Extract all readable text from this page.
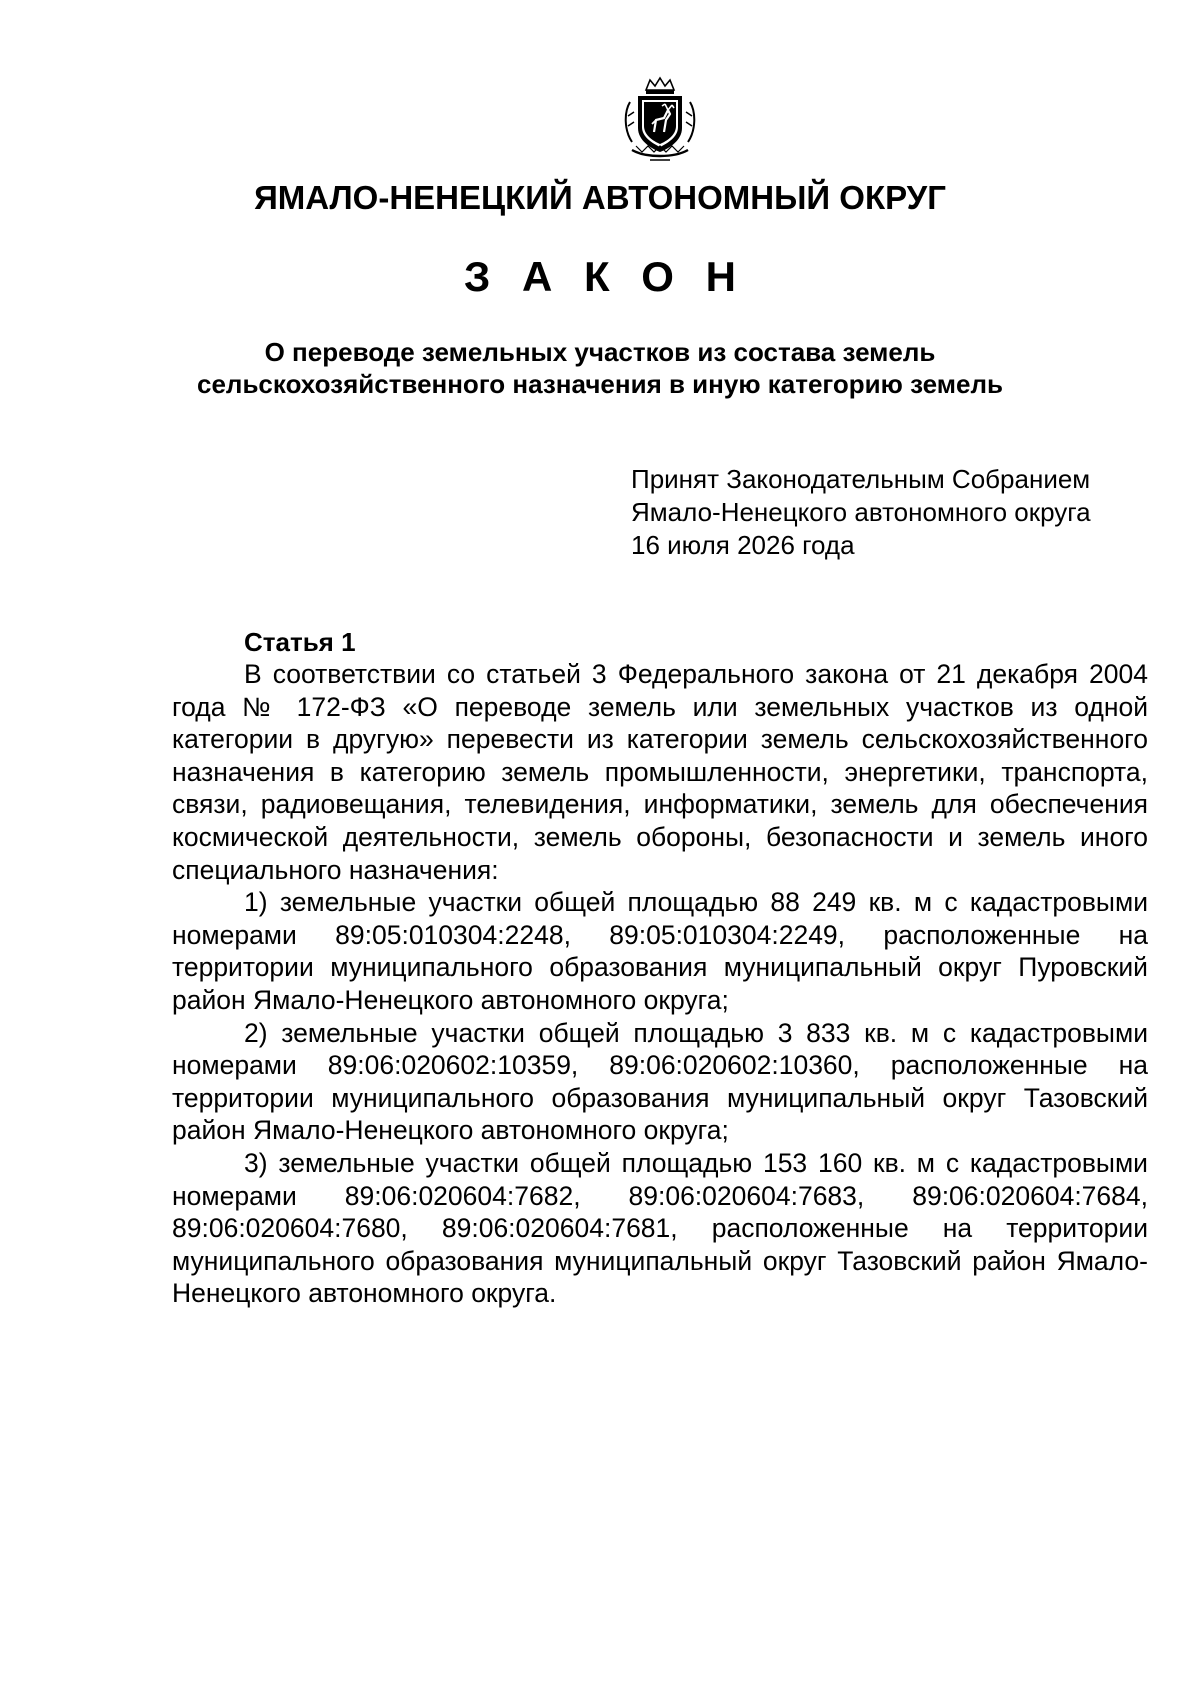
ЯМАЛО-НЕНЕЦКИЙ АВТОНОМНЫЙ ОКРУГ
З А К О Н
О переводе земельных участков из состава земель
сельскохозяйственного назначения в иную категорию земель
Принят Законодательным Собранием
Ямало-Ненецкого автономного округа
16 июля 2026 года
Статья 1

В соответствии со статьей 3 Федерального закона от 21 декабря 2004 года № 172-ФЗ «О переводе земель или земельных участков из одной категории в другую» перевести из категории земель сельскохозяйственного назначения в категорию земель промышленности, энергетики, транспорта, связи, радиовещания, телевидения, информатики, земель для обеспечения космической деятельности, земель обороны, безопасности и земель иного специального назначения:

1) земельные участки общей площадью 88 249 кв. м с кадастровыми номерами 89:05:010304:2248, 89:05:010304:2249, расположенные на территории муниципального образования муниципальный округ Пуровский район Ямало-Ненецкого автономного округа;

2) земельные участки общей площадью 3 833 кв. м с кадастровыми номерами 89:06:020602:10359, 89:06:020602:10360, расположенные на территории муниципального образования муниципальный округ Тазовский район Ямало-Ненецкого автономного округа;

3) земельные участки общей площадью 153 160 кв. м с кадастровыми номерами 89:06:020604:7682, 89:06:020604:7683, 89:06:020604:7684, 89:06:020604:7680, 89:06:020604:7681, расположенные на территории муниципального образования муниципальный округ Тазовский район Ямало-Ненецкого автономного округа.
